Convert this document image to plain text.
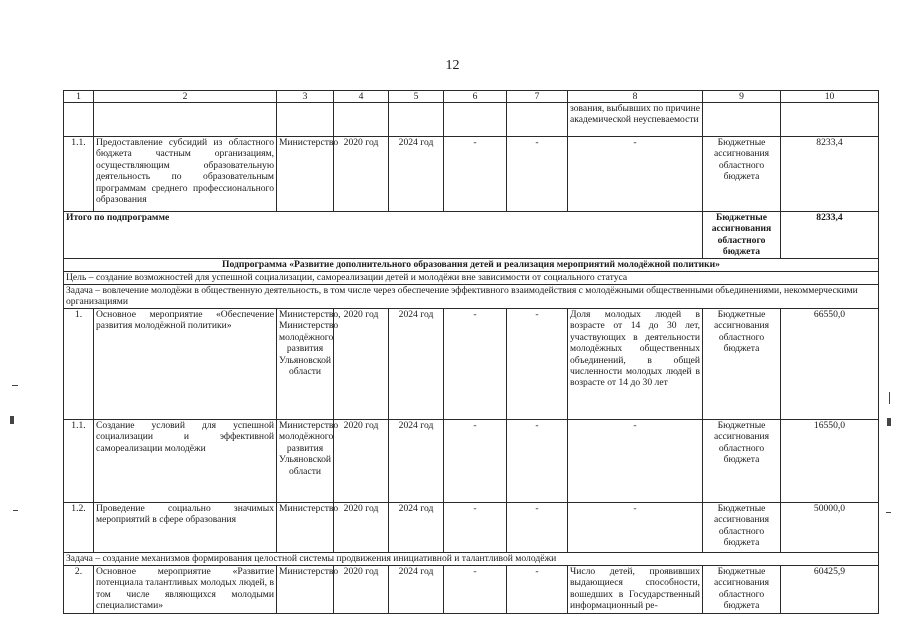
12
1	2	3	4	5	6	7	8	9	10
							зования, выбывших по причине академической неуспеваемости		
1.1.	Предоставление субсидий из областного бюджета частным организациям, осуществляющим образовательную деятельность по образовательным программам среднего профессионального образования	Министерство	2020 год	2024 год	-	-	-	Бюджетные ассигнования областного бюджета	8233,4
Итого по подпрограмме								Бюджетные ассигнования областного бюджета	8233,4
Подпрограмма «Развитие дополнительного образования детей и реализация мероприятий молодёжной политики»									
Цель – создание возможностей для успешной социализации, самореализации детей и молодёжи вне зависимости от социального статуса									
Задача – вовлечение молодёжи в общественную деятельность, в том числе через обеспечение эффективного взаимодействия с молодёжными общественными объединениями, некоммерческими организациями									
1.	Основное мероприятие «Обеспечение развития молодёжной политики»	Министерство, Министерство молодёжного развития Ульяновской области	2020 год	2024 год	-	-	Доля молодых людей в возрасте от 14 до 30 лет, участвующих в деятельности молодёжных общественных объединений, в общей численности молодых людей в возрасте от 14 до 30 лет	Бюджетные ассигнования областного бюджета	66550,0
1.1.	Создание условий для успешной социализации и эффективной самореализации молодёжи	Министерство молодёжного развития Ульяновской области	2020 год	2024 год	-	-	-	Бюджетные ассигнования областного бюджета	16550,0
1.2.	Проведение социально значимых мероприятий в сфере образования	Министерство	2020 год	2024 год	-	-	-	Бюджетные ассигнования областного бюджета	50000,0
Задача – создание механизмов формирования целостной системы продвижения инициативной и талантливой молодёжи									
2.	Основное мероприятие «Развитие потенциала талантливых молодых людей, в том числе являющихся молодыми специалистами»	Министерство	2020 год	2024 год	-	-	Число детей, проявивших выдающиеся способности, вошедших в Государственный информационный ре-	Бюджетные ассигнования областного бюджета	60425,9
